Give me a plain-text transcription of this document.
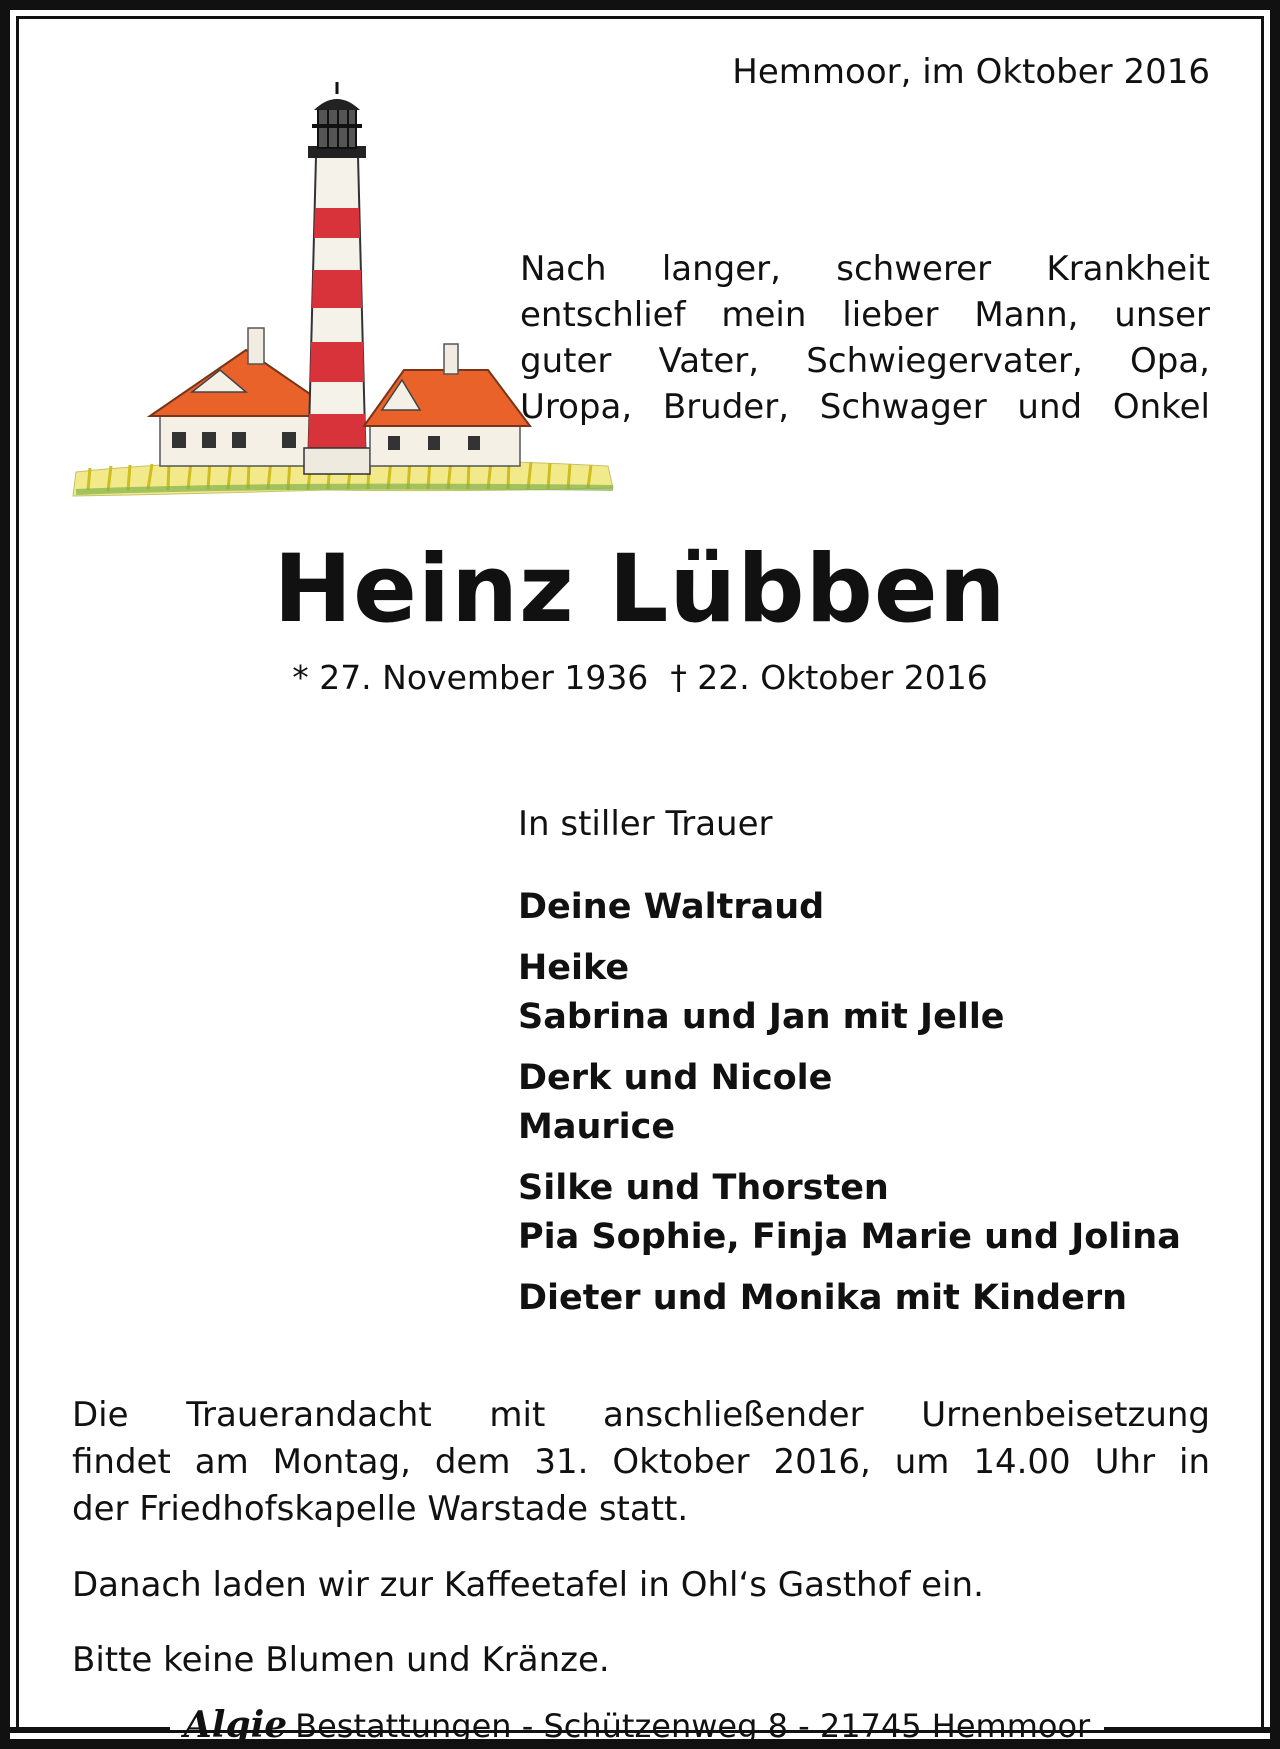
Hemmoor, im Oktober 2016
Nach langer, schwerer Krankheit
entschlief mein lieber Mann, unser
guter Vater, Schwiegervater, Opa,
Uropa, Bruder, Schwager und Onkel
Heinz Lübben
* 27. November 1936 † 22. Oktober 2016
In stiller Trauer
Deine Waltraud
Heike
Sabrina und Jan mit Jelle
Derk und Nicole
Maurice
Silke und Thorsten
Pia Sophie, Finja Marie und Jolina
Dieter und Monika mit Kindern
Die Trauerandacht mit anschließender Urnenbeisetzung
findet am Montag, dem 31. Oktober 2016, um 14.00 Uhr in
der Friedhofskapelle Warstade statt.
Danach laden wir zur Kaffeetafel in Ohl‘s Gasthof ein.
Bitte keine Blumen und Kränze.
Algie Bestattungen - Schützenweg 8 - 21745 Hemmoor
